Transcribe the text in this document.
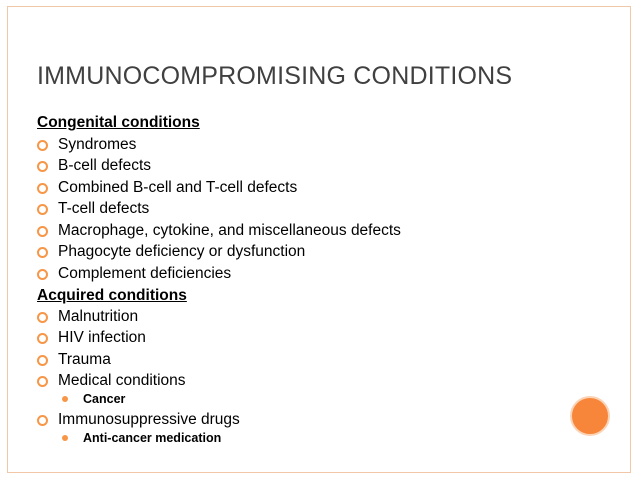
IMMUNOCOMPROMISING CONDITIONS
Congenital conditions
Syndromes
B-cell defects
Combined B-cell and T-cell defects
T-cell defects
Macrophage, cytokine, and miscellaneous defects
Phagocyte deficiency or dysfunction
Complement deficiencies
Acquired conditions
Malnutrition
HIV infection
Trauma
Medical conditions
Cancer
Immunosuppressive drugs
Anti-cancer medication
